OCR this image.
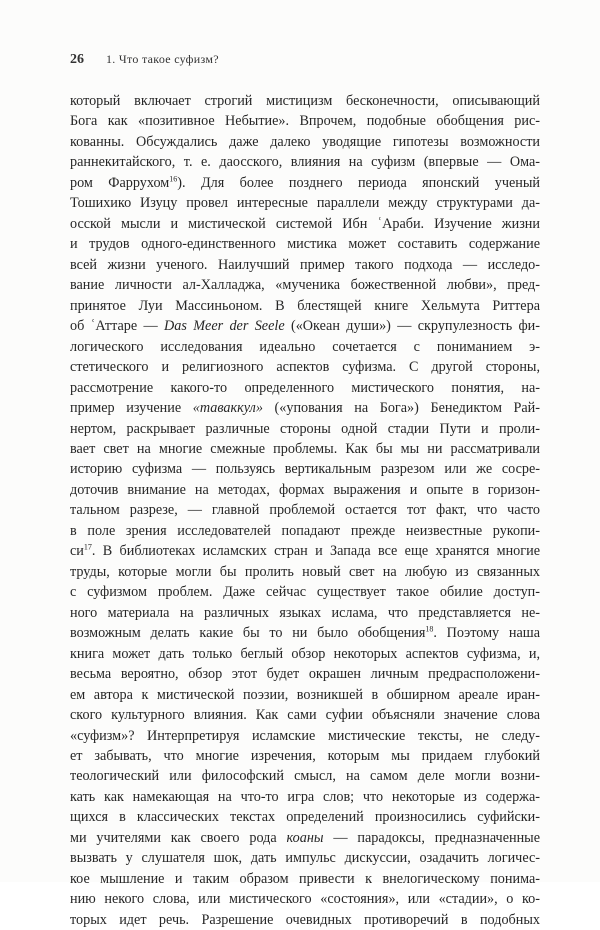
26 1. Что такое суфизм?
который включает строгий мистицизм бесконечности, описывающий
Бога как «позитивное Небытие». Впрочем, подобные обобщения рис-
кованны. Обсуждались даже далеко уводящие гипотезы возможности
раннекитайского, т. е. даосского, влияния на суфизм (впервые — Ома-
ром Фаррухом$^{16}$). Для более позднего периода японский ученый
Тошихико Изуцу провел интересные параллели между структурами да-
осской мысли и мистической системой Ибн ʿАраби. Изучение жизни
и трудов одного-единственного мистика может составить содержание
всей жизни ученого. Наилучший пример такого подхода — исследо-
вание личности ал-Халладжа, «мученика божественной любви», пред-
принятое Луи Массиньоном. В блестящей книге Хельмута Риттера
об ʿАттаре — Das Meer der Seele («Океан души») — скрупулезность фи-
логического исследования идеально сочетается с пониманием э-
стетического и религиозного аспектов суфизма. С другой стороны,
рассмотрение какого-то определенного мистического понятия, на-
пример изучение «таваккул» («упования на Бога») Бенедиктом Рай-
нертом, раскрывает различные стороны одной стадии Пути и проли-
вает свет на многие смежные проблемы. Как бы мы ни рассматривали
историю суфизма — пользуясь вертикальным разрезом или же сосре-
доточив внимание на методах, формах выражения и опыте в горизон-
тальном разрезе, — главной проблемой остается тот факт, что часто
в поле зрения исследователей попадают прежде неизвестные рукопи-
$си^{17}$. В библиотеках исламских стран и Запада все еще хранятся многие
труды, которые могли бы пролить новый свет на любую из связанных
с суфизмом проблем. Даже сейчас существует такое обилие доступ-
ного материала на различных языках ислама, что представляется не-
возможным делать какие бы то ни было обобщения$^{18}$. Поэтому наша
книга может дать только беглый обзор некоторых аспектов суфизма, и,
весьма вероятно, обзор этот будет окрашен личным предрасположени-
ем автора к мистической поэзии, возникшей в обширном ареале иран-
ского культурного влияния. Как сами суфии объясняли значение слова
«суфизм»? Интерпретируя исламские мистические тексты, не следу-
ет забывать, что многие изречения, которым мы придаем глубокий
теологический или философский смысл, на самом деле могли возни-
кать как намекающая на что-то игра слов; что некоторые из содержа-
щихся в классических текстах определений произносились суфийски-
ми учителями как своего рода коаны — парадоксы, предназначенные
вызвать у слушателя шок, дать импульс дискуссии, озадачить логичес-
кое мышление и таким образом привести к внелогическому понима-
нию некого слова, или мистического «состояния», или «стадии», о ко-
торых идет речь. Разрешение очевидных противоречий в подобных
